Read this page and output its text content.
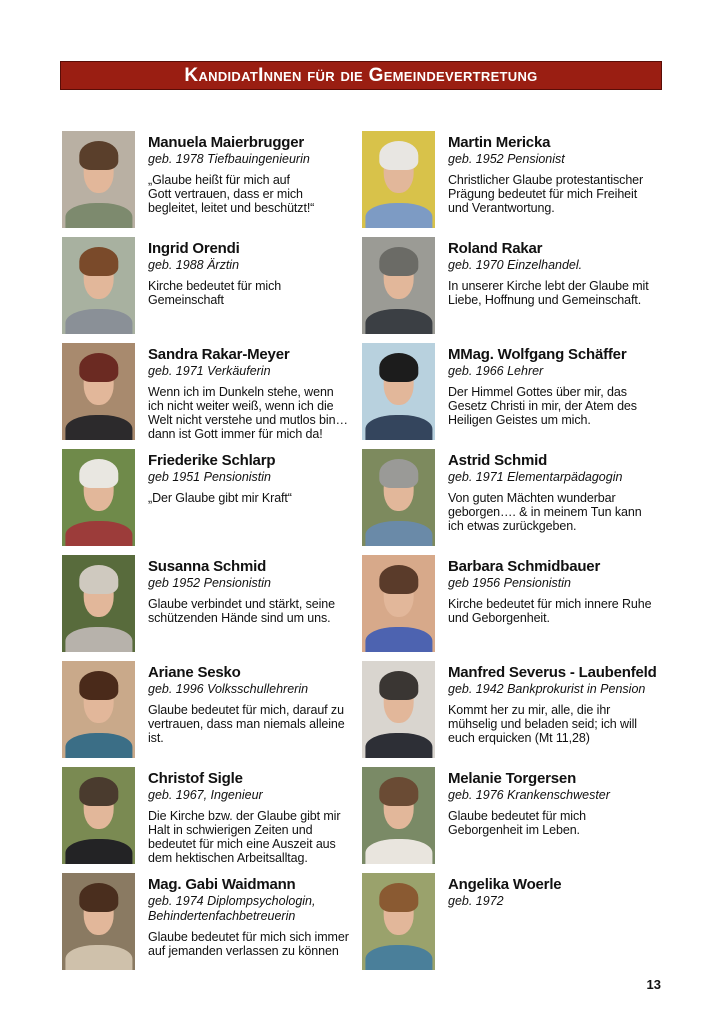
KandidatInnen für die Gemeindevertretung
Manuela Maierbrugger
geb. 1978 Tiefbauingenieurin
„Glaube heißt für mich auf
Gott vertrauen, dass er mich
begleitet, leitet und beschützt!“
Martin Mericka
geb. 1952 Pensionist
Christlicher Glaube protestantischer
Prägung bedeutet für mich Freiheit
und Verantwortung.
Ingrid Orendi
geb. 1988 Ärztin
Kirche bedeutet für mich
Gemeinschaft
Roland Rakar
geb. 1970 Einzelhandel.
In unserer Kirche lebt der Glaube mit
Liebe, Hoffnung und Gemeinschaft.
Sandra Rakar-Meyer
geb. 1971 Verkäuferin
Wenn ich im Dunkeln stehe, wenn
ich nicht weiter weiß, wenn ich die
Welt nicht verstehe und mutlos bin…
dann ist Gott immer für mich da!
MMag. Wolfgang Schäffer
geb. 1966 Lehrer
Der Himmel Gottes über mir, das
Gesetz Christi in mir, der Atem des
Heiligen Geistes um mich.
Friederike Schlarp
geb 1951 Pensionistin
„Der Glaube gibt mir Kraft“
Astrid Schmid
geb. 1971 Elementarpädagogin
Von guten Mächten wunderbar
geborgen…. & in meinem Tun kann
ich etwas zurückgeben.
Susanna Schmid
geb 1952 Pensionistin
Glaube verbindet und stärkt, seine
schützenden Hände sind um uns.
Barbara Schmidbauer
geb 1956 Pensionistin
Kirche bedeutet für mich innere Ruhe
und Geborgenheit.
Ariane Sesko
geb. 1996 Volksschullehrerin
Glaube bedeutet für mich, darauf zu
vertrauen, dass man niemals alleine
ist.
Manfred Severus - Laubenfeld
geb. 1942 Bankprokurist in Pension
Kommt her zu mir, alle, die ihr
mühselig und beladen seid; ich will
euch erquicken (Mt 11,28)
Christof Sigle
geb. 1967, Ingenieur
Die Kirche bzw. der Glaube gibt mir
Halt in schwierigen Zeiten und
bedeutet für mich eine Auszeit aus
dem hektischen Arbeitsalltag.
Melanie Torgersen
geb. 1976 Krankenschwester
Glaube bedeutet für mich
Geborgenheit im Leben.
Mag. Gabi Waidmann
geb. 1974 Diplompsychologin,
Behindertenfachbetreuerin
Glaube bedeutet für mich sich immer
auf jemanden verlassen zu können
Angelika Woerle
geb. 1972
13
